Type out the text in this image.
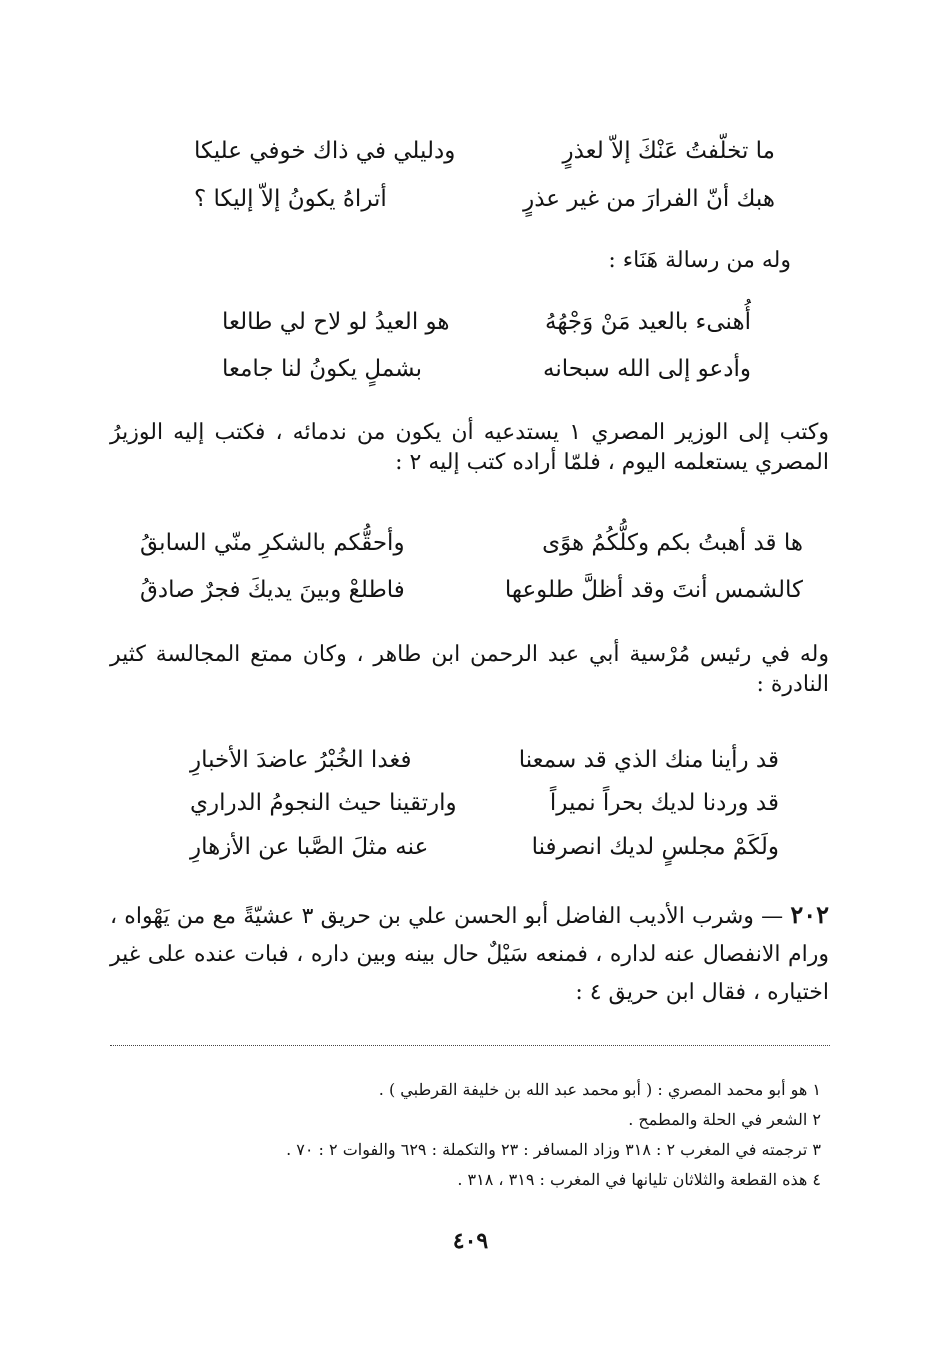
ما تخلّفتُ عَنْكَ إلاّ لعذرٍ

ودليلي في ذاك خوفي عليكا

هبك أنّ الفرارَ من غير عذرٍ

أتراهُ يكونُ إلاّ إليكا ؟

وله من رسالة هَنَاء :

أُهنىء بالعيد مَنْ وَجْهُهُ

هو العيدُ لو لاح لي طالعا

وأدعو إلى الله سبحانه

بشملٍ يكونُ لنا جامعا

وكتب إلى الوزير المصري ١ يستدعيه أن يكون من ندمائه ، فكتب إليه الوزيرُ المصري يستعلمه اليوم ، فلمّا أراده كتب إليه ٢ :

ها قد أهبتُ بكم وكلُّكُمُ هوًى

وأحقُّكم بالشكرِ منّي السابقُ

كالشمس أنتَ وقد أظلَّ طلوعها

فاطلعْ وبينَ يديكَ فجرٌ صادقُ

وله في رئيس مُرْسية أبي عبد الرحمن ابن طاهر ، وكان ممتع المجالسة كثير النادرة :

قد رأينا منك الذي قد سمعنا

فغدا الخُبْرُ عاضدَ الأخبارِ

قد وردنا لديك بحراً نميراً

وارتقينا حيث النجومُ الدراري

ولَكَمْ مجلسٍ لديك انصرفنا

عنه مثلَ الصَّبا عن الأزهارِ

٢٠٢ — وشرب الأديب الفاضل أبو الحسن علي بن حريق ٣ عشيّةً مع من يَهْواه ، ورام الانفصال عنه لداره ، فمنعه سَيْلٌ حال بينه وبين داره ، فبات عنده على غير اختياره ، فقال ابن حريق ٤ :

١ هو أبو محمد المصري : ( أبو محمد عبد الله بن خليفة القرطبي ) .

٢ الشعر في الحلة والمطمح .

٣ ترجمته في المغرب ٢ : ٣١٨ وزاد المسافر : ٢٣ والتكملة : ٦٢٩ والفوات ٢ : ٧٠ .

٤ هذه القطعة والثلاثان تليانها في المغرب : ٣١٩ ، ٣١٨ .

٤٠٩
